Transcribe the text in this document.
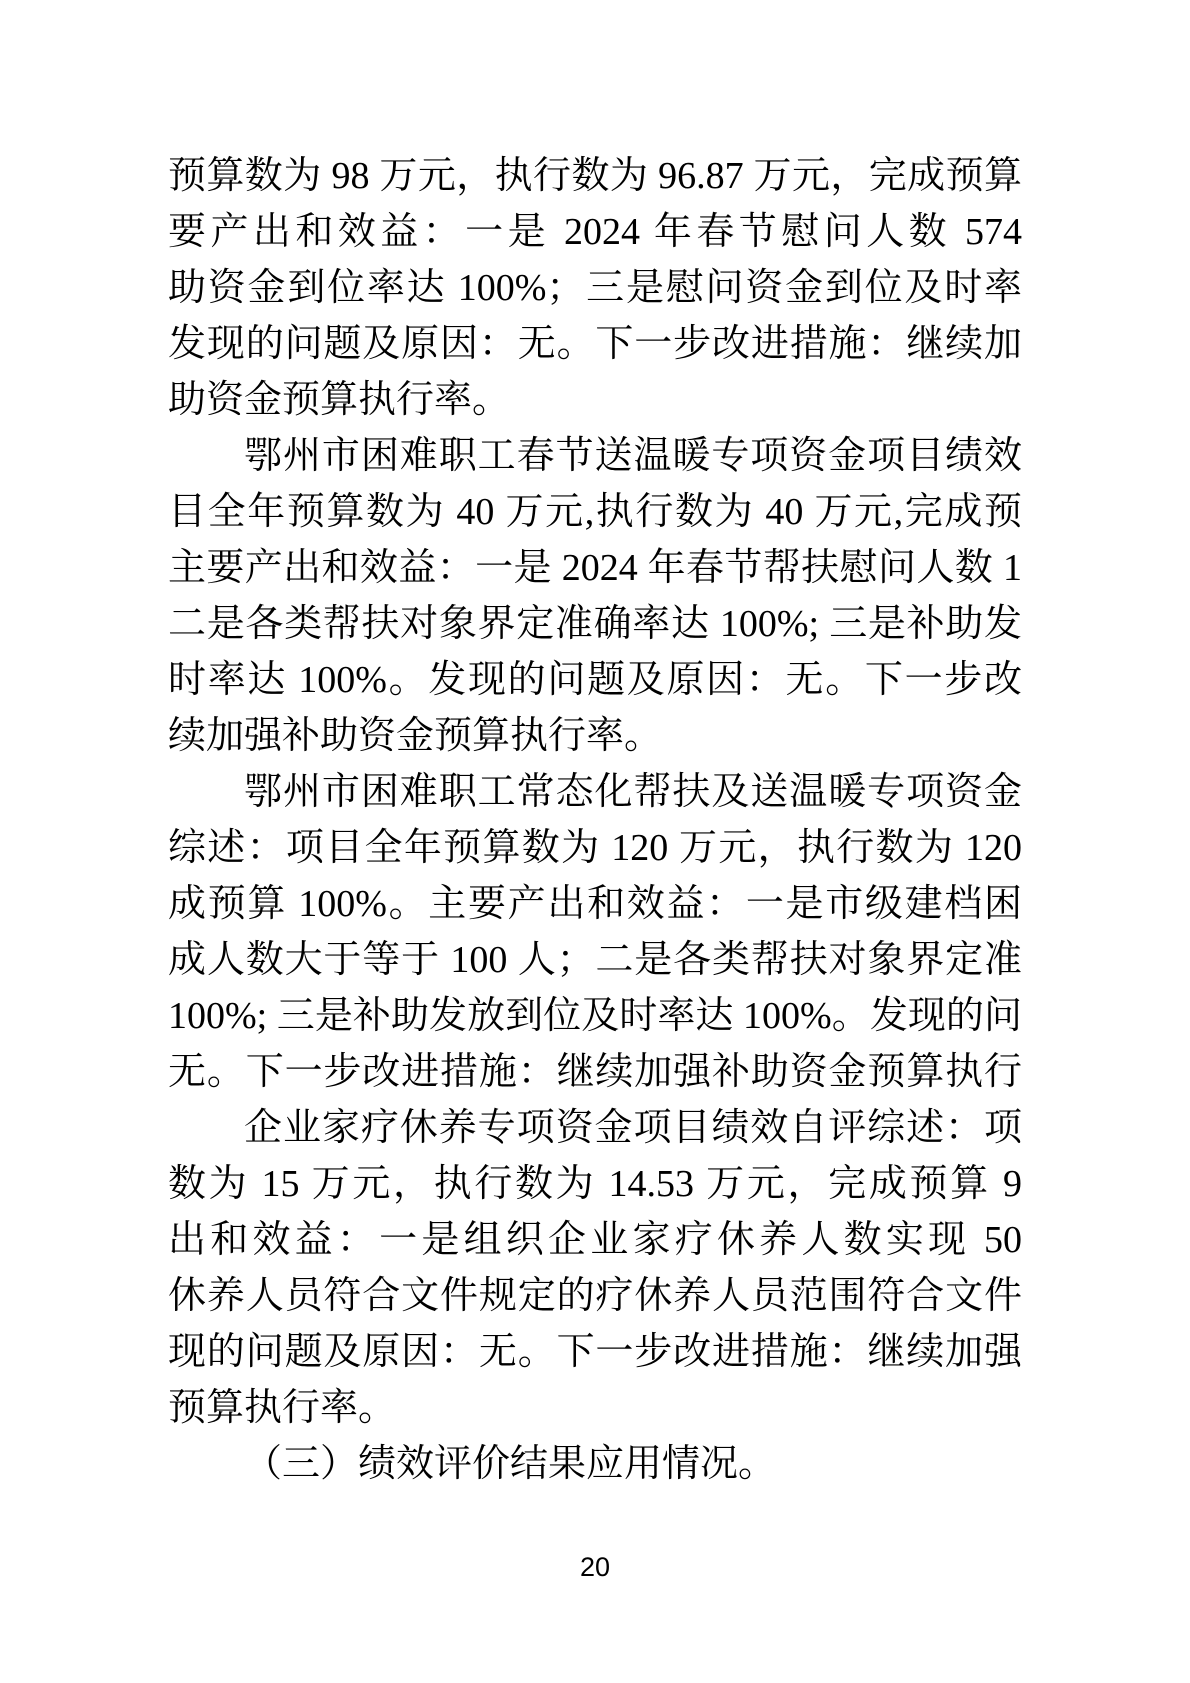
预算数为 98 万元，执行数为 96.87 万元，完成预算
要产出和效益：一是 2024 年春节慰问人数 574
助资金到位率达 100%；三是慰问资金到位及时率
发现的问题及原因：无。下一步改进措施：继续加
助资金预算执行率。
鄂州市困难职工春节送温暖专项资金项目绩效
目全年预算数为 40 万元,执行数为 40 万元,完成预
主要产出和效益：一是 2024 年春节帮扶慰问人数 1
二是各类帮扶对象界定准确率达 100%; 三是补助发
时率达 100%。发现的问题及原因：无。下一步改
续加强补助资金预算执行率。
鄂州市困难职工常态化帮扶及送温暖专项资金
综述：项目全年预算数为 120 万元，执行数为 120
成预算 100%。主要产出和效益：一是市级建档困
成人数大于等于 100 人；二是各类帮扶对象界定准
100%; 三是补助发放到位及时率达 100%。发现的问
无。下一步改进措施：继续加强补助资金预算执行
企业家疗休养专项资金项目绩效自评综述：项
数为 15 万元，执行数为 14.53 万元，完成预算 9
出和效益：一是组织企业家疗休养人数实现 50
休养人员符合文件规定的疗休养人员范围符合文件
现的问题及原因：无。下一步改进措施：继续加强
预算执行率。
（三）绩效评价结果应用情况。
20
